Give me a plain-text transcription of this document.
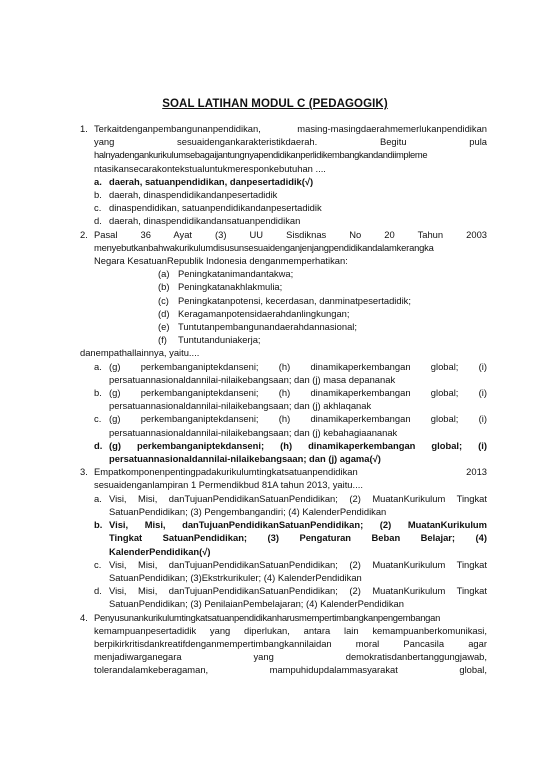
SOAL LATIHAN MODUL C (PEDAGOGIK)
1. Terkaitdenganpembangunanpendidikan, masing-masingdaerahmemerlukanpendidikan

yang sesuaidengankarakteristikdaerah. Begitu pula

halnyadengankurikulumsebagaijantungnyapendidikanperlidikembangkandandiimpleme

ntasikansecarakontekstualuntukmeresponkebutuhan ....

a. daerah, satuanpendidikan, danpesertadidik(√)
b. daerah, dinaspendidikandanpesertadidik
c. dinaspendidikan, satuanpendidikandanpesertadidik
d. daerah, dinaspendidikandansatuanpendidikan
2. Pasal 36 Ayat (3) UU Sisdiknas No 20 Tahun 2003

menyebutkanbahwakurikulumdisusunsesuaidenganjenjangpendidikandalamkerangka

Negara KesatuanRepublik Indonesia denganmemperhatikan:

(a) Peningkatanimandantakwa;
(b) Peningkatanakhlakmulia;
(c) Peningkatanpotensi, kecerdasan, danminatpesertadidik;
(d) Keragamanpotensidaerahdanlingkungan;
(e) Tuntutanpembangunandaerahdannasional;
(f) Tuntutanduniakerja;

danempathallainnya, yaitu....

a. (g) perkembanganiptekdanseni; (h) dinamikaperkembangan global; (i)

persatuannasionaldannilai-nilaikebangsaan; dan (j) masa depananak

b. (g) perkembanganiptekdanseni; (h) dinamikaperkembangan global; (i)

persatuannasionaldannilai-nilaikebangsaan; dan (j) akhlaqanak

c. (g) perkembanganiptekdanseni; (h) dinamikaperkembangan global; (i)

persatuannasionaldannilai-nilaikebangsaan; dan (j) kebahagiaananak

d. (g) perkembanganiptekdanseni; (h) dinamikaperkembangan global; (i)

persatuannasionaldannilai-nilaikebangsaan; dan (j) agama(√)

3. Empatkomponenpentingpadakurikulumtingkatsatuanpendidikan 2013

sesuaidenganlampiran 1 Permendikbud 81A tahun 2013, yaitu....

a. Visi, Misi, danTujuanPendidikanSatuanPendidikan; (2) MuatanKurikulum Tingkat

SatuanPendidikan; (3) Pengembangandiri; (4) KalenderPendidikan

b. Visi, Misi, danTujuanPendidikanSatuanPendidikan; (2) MuatanKurikulum

Tingkat SatuanPendidikan; (3) Pengaturan Beban Belajar; (4)

KalenderPendidikan(√)

c. Visi, Misi, danTujuanPendidikanSatuanPendidikan; (2) MuatanKurikulum Tingkat

SatuanPendidikan; (3)Ekstrkurikuler; (4) KalenderPendidikan

d. Visi, Misi, danTujuanPendidikanSatuanPendidikan; (2) MuatanKurikulum Tingkat

SatuanPendidikan; (3) PenilaianPembelajaran; (4) KalenderPendidikan

4. Penyusunankurikulumtingkatsatuanpendidikanharusmempertimbangkanpengembangan

kemampuanpesertadidik yang diperlukan, antara lain kemampuanberkomunikasi,

berpikirkritisdankreatifdenganmempertimbangkannilaidan moral Pancasila agar

menjadiwarganegara yang demokratisdanbertanggungjawab,

tolerandalamkeberagaman, mampuhidupdalammasyarakat global,
